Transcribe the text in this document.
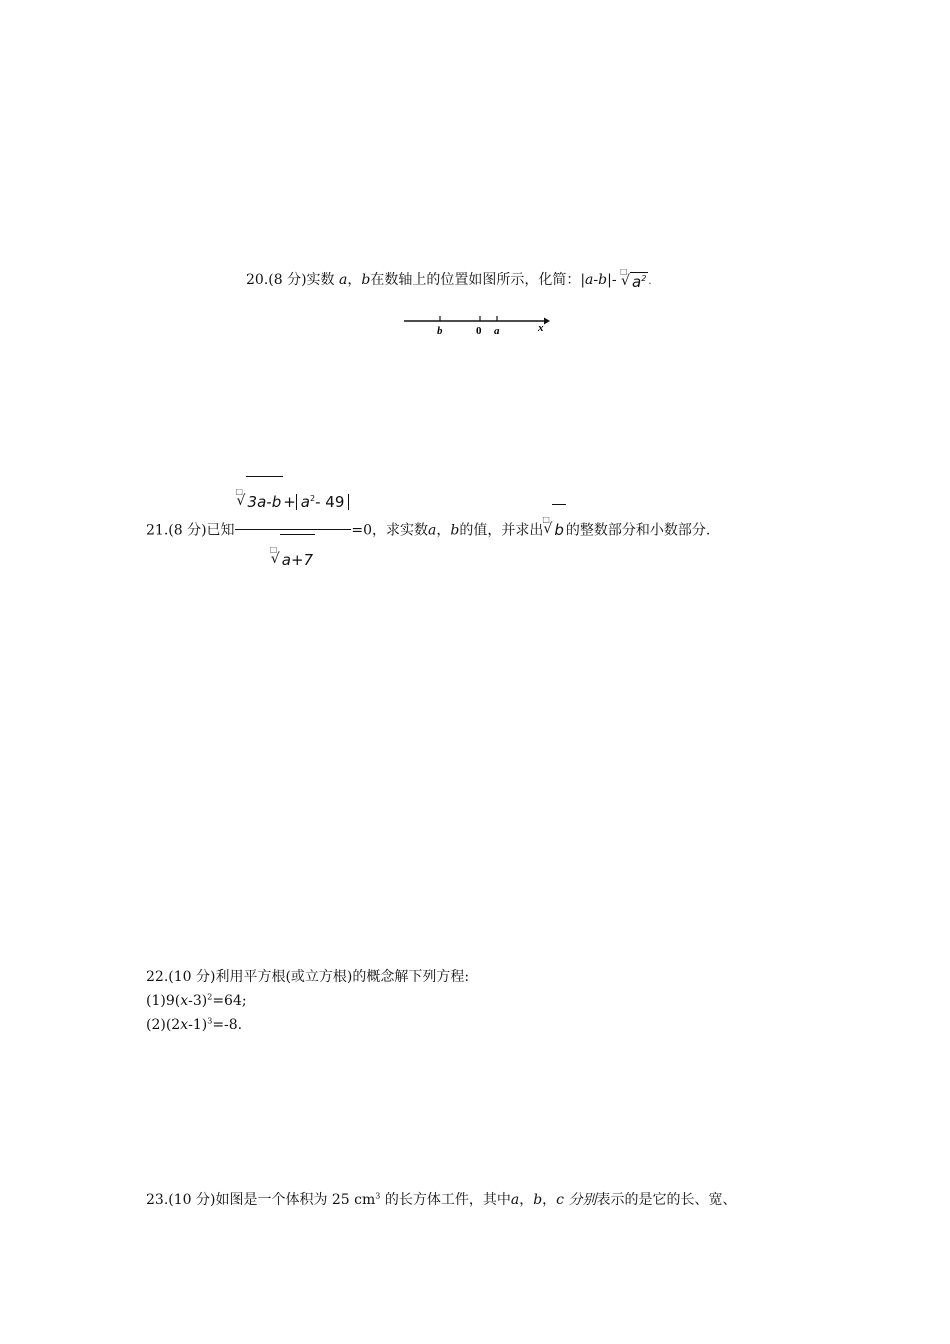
20.(8 分)实数 a，b在数轴上的位置如图所示，化简：|a-b|-
□
√ $a^2$ .
b	0 a	x
21.(8 分)已知 □
√ $3a-b + a^2-$ 49
□
√ a+7 =0，求实数a，b的值，并求出
□
√ b 的整数部分和小数部分.
22.(10 分)利用平方根(或立方根)的概念解下列方程:
$(1)9(x-3)^2=64$;
$(2)(2x-1)^3=-8$.
23.(10 分)如图是一个体积为 25 $cm^3$ 的长方体工件，其中a，b，c 分别表示的是它的长、宽、
